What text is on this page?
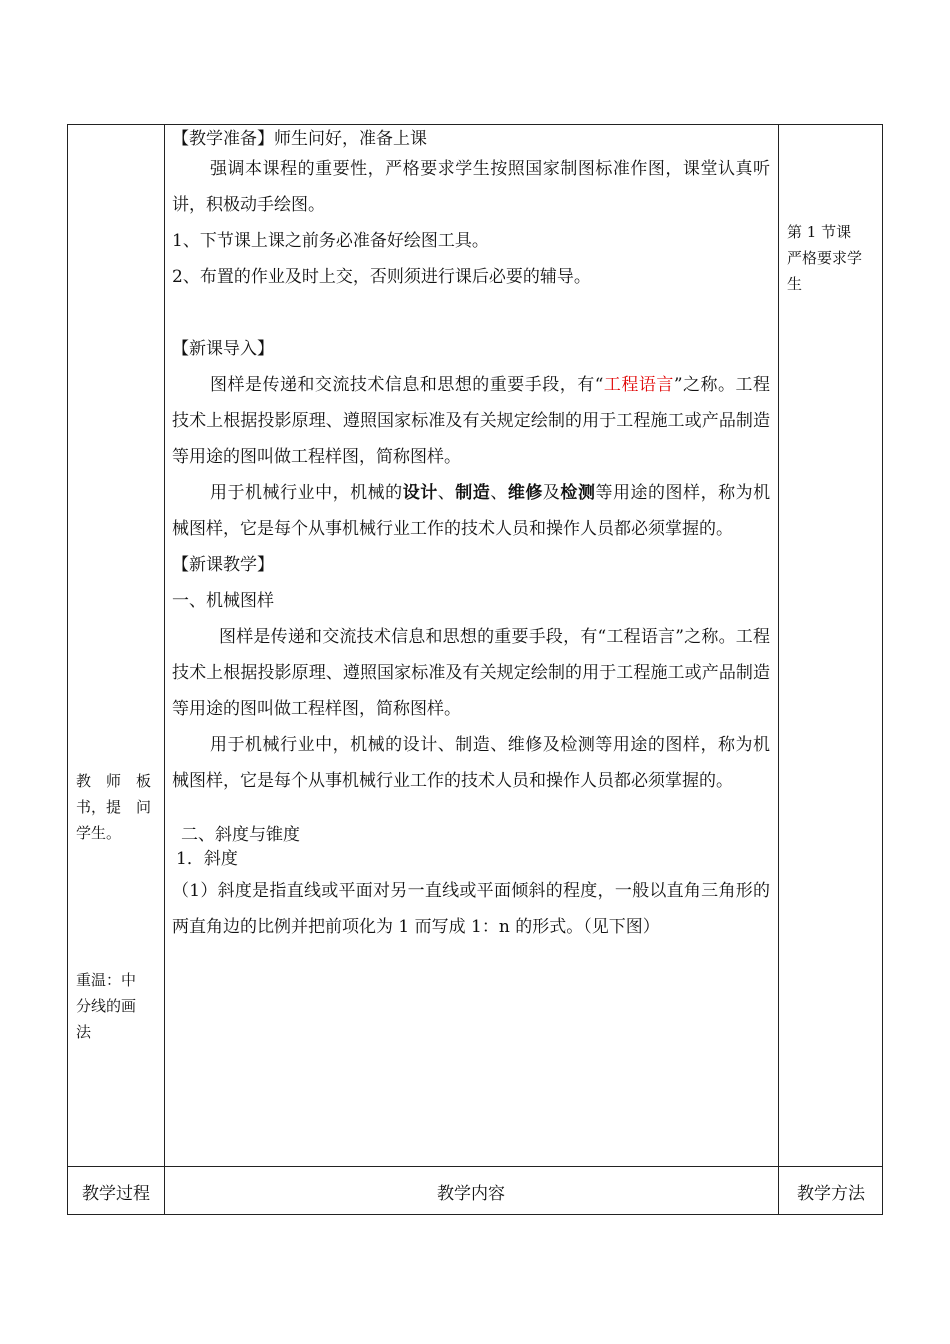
教　师　板
书，提　问
学生。
重温：中
分线的画
法

【教学准备】师生问好，准备上课

强调本课程的重要性，严格要求学生按照国家制图标准作图，课堂认真听讲，积极动手绘图。

1、下节课上课之前务必准备好绘图工具。

2、布置的作业及时上交，否则须进行课后必要的辅导。

【新课导入】

图样是传递和交流技术信息和思想的重要手段，有“工程语言”之称。工程技术上根据投影原理、遵照国家标准及有关规定绘制的用于工程施工或产品制造等用途的图叫做工程样图，简称图样。

用于机械行业中，机械的设计、制造、维修及检测等用途的图样，称为机械图样，它是每个从事机械行业工作的技术人员和操作人员都必须掌握的。

【新课教学】

一、机械图样

图样是传递和交流技术信息和思想的重要手段，有“工程语言”之称。工程技术上根据投影原理、遵照国家标准及有关规定绘制的用于工程施工或产品制造等用途的图叫做工程样图，简称图样。

用于机械行业中，机械的设计、制造、维修及检测等用途的图样，称为机械图样，它是每个从事机械行业工作的技术人员和操作人员都必须掌握的。

二、斜度与锥度

1．斜度

（1）斜度是指直线或平面对另一直线或平面倾斜的程度，一般以直角三角形的两直角边的比例并把前项化为 1 而写成 1：n 的形式。（见下图）

第 1 节课
严格要求学
生
教学过程	教学内容	教学方法
